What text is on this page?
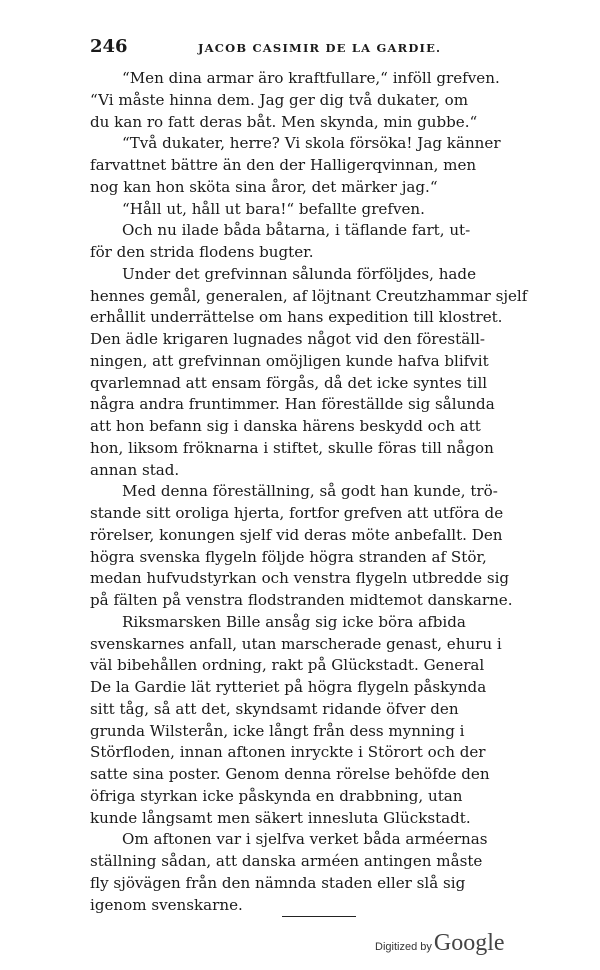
246	JACOB CASIMIR DE LA GARDIE.

“Men dina armar äro kraftfullare,“ inföll grefven.
“Vi måste hinna dem. Jag ger dig två dukater, om
du kan ro fatt deras båt. Men skynda, min gubbe.“

“Två dukater, herre? Vi skola försöka! Jag känner
farvattnet bättre än den der Halligerqvinnan, men
nog kan hon sköta sina åror, det märker jag.“

“Håll ut, håll ut bara!“ befallte grefven.

Och nu ilade båda båtarna, i täflande fart, ut-
för den strida flodens bugter.

Under det grefvinnan sålunda förföljdes, hade
hennes gemål, generalen, af löjtnant Creutzhammar sjelf
erhållit underrättelse om hans expedition till klostret.
Den ädle krigaren lugnades något vid den föreställ-
ningen, att grefvinnan omöjligen kunde hafva blifvit
qvarlemnad att ensam förgås, då det icke syntes till
några andra fruntimmer. Han föreställde sig sålunda
att hon befann sig i danska härens beskydd och att
hon, liksom fröknarna i stiftet, skulle föras till någon
annan stad.

Med denna föreställning, så godt han kunde, trö-
stande sitt oroliga hjerta, fortfor grefven att utföra de
rörelser, konungen sjelf vid deras möte anbefallt. Den
högra svenska flygeln följde högra stranden af Stör,
medan hufvudstyrkan och venstra flygeln utbredde sig
på fälten på venstra flodstranden midtemot danskarne.

Riksmarsken Bille ansåg sig icke böra afbida
svenskarnes anfall, utan marscherade genast, ehuru i
väl bibehållen ordning, rakt på Glückstadt. General
De la Gardie lät rytteriet på högra flygeln påskynda
sitt tåg, så att det, skyndsamt ridande öfver den
grunda Wilsterån, icke långt från dess mynning i
Störfloden, innan aftonen inryckte i Störort och der
satte sina poster. Genom denna rörelse behöfde den
öfriga styrkan icke påskynda en drabbning, utan
kunde långsamt men säkert innesluta Glückstadt.

Om aftonen var i sjelfva verket båda arméernas
ställning sådan, att danska arméen antingen måste
fly sjövägen från den nämnda staden eller slå sig
igenom svenskarne.

Digitized by Google
